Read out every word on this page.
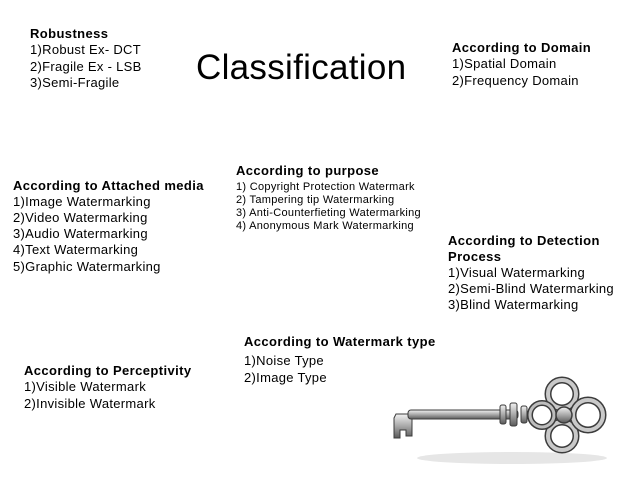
Classification
Robustness
1)Robust Ex- DCT
2)Fragile Ex - LSB
3)Semi-Fragile
According to Domain
1)Spatial Domain
2)Frequency Domain
According to Attached media
1)Image Watermarking
2)Video Watermarking
3)Audio Watermarking
4)Text Watermarking
5)Graphic Watermarking
According to purpose
1) Copyright Protection Watermark
2) Tampering tip Watermarking
3) Anti-Counterfieting Watermarking
4) Anonymous Mark Watermarking
According to Detection
Process
1)Visual Watermarking
2)Semi-Blind Watermarking
3)Blind Watermarking
According to Watermark type
1)Noise Type
2)Image Type
According to Perceptivity
1)Visible Watermark
2)Invisible Watermark
